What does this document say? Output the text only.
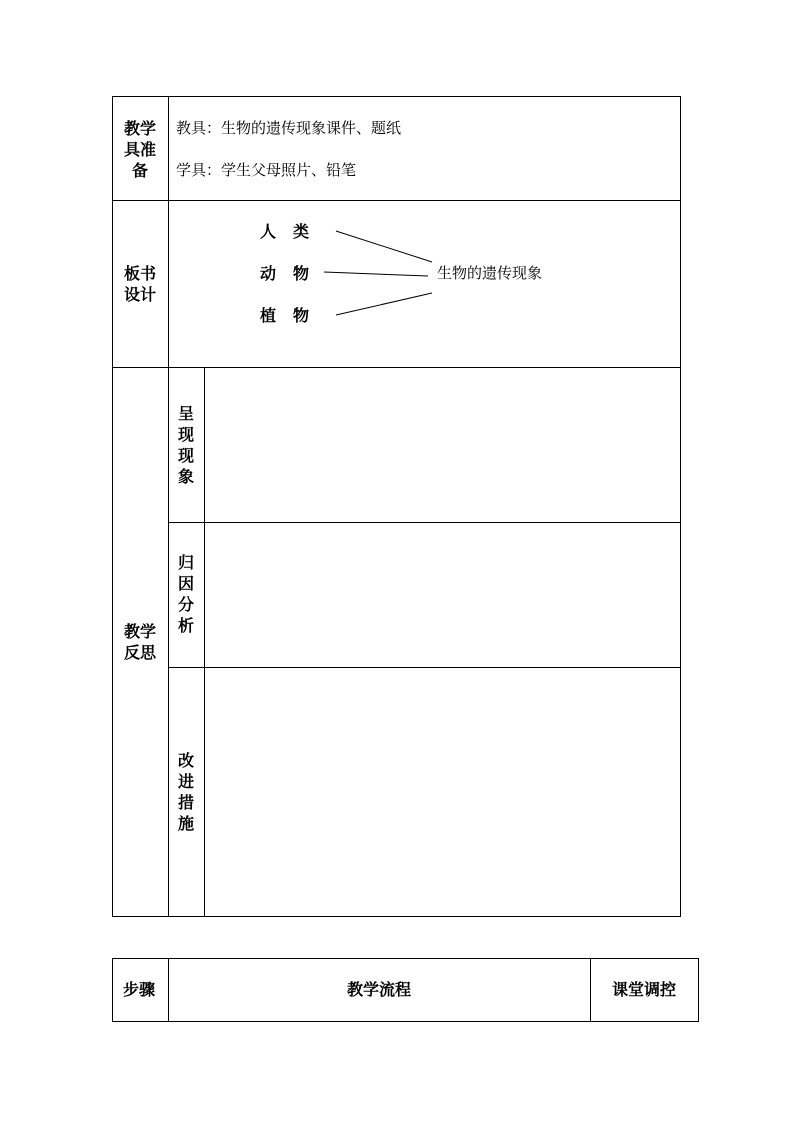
教学
具准
备
教具：生物的遗传现象课件、题纸
学具：学生父母照片、铅笔
板书
设计
人 类
动 物
植 物
生物的遗传现象
教学
反思
呈
现
现
象
归
因
分
析
改
进
措
施
步骤	教学流程	课堂调控
